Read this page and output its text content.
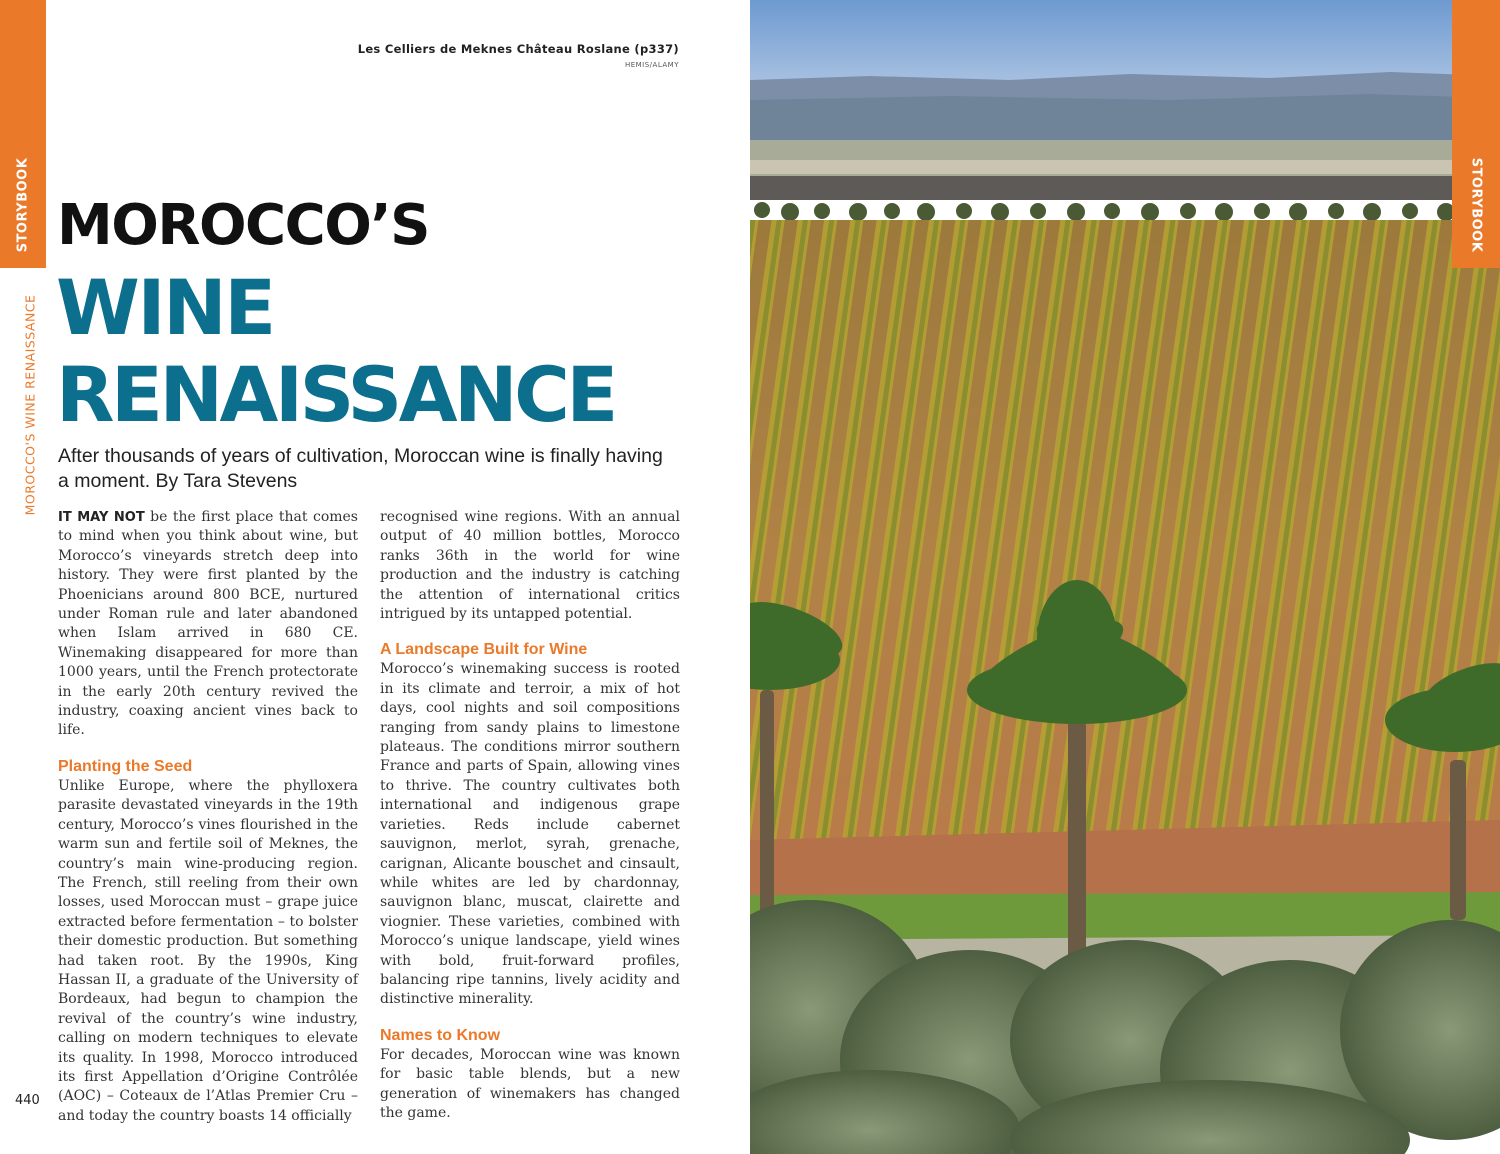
STORYBOOK
MOROCCO'S WINE RENAISSANCE
Les Celliers de Meknes Château Roslane (p337)
HEMIS/ALAMY
MOROCCO’S
WINE
RENAISSANCE
After thousands of years of cultivation, Moroccan wine is finally having a moment. By Tara Stevens

IT MAY NOT be the first place that comes to mind when you think about wine, but Morocco’s vineyards stretch deep into history. They were first planted by the Phoenicians around 800 BCE, nurtured under Roman rule and later abandoned when Islam arrived in 680 CE. Winemaking disappeared for more than 1000 years, until the French protectorate in the early 20th century revived the industry, coaxing ancient vines back to life.

Planting the Seed

Unlike Europe, where the phylloxera parasite devastated vineyards in the 19th century, Morocco’s vines flourished in the warm sun and fertile soil of Meknes, the country’s main wine-producing region. The French, still reeling from their own losses, used Moroccan must – grape juice extracted before fermentation – to bolster their domestic production. But something had taken root. By the 1990s, King Hassan II, a graduate of the University of Bordeaux, had begun to champion the revival of the country’s wine industry, calling on modern techniques to elevate its quality. In 1998, Morocco introduced its first Appellation d’Origine Contrôlée (AOC) – Coteaux de l’Atlas Premier Cru – and today the country boasts 14 officially

recognised wine regions. With an annual output of 40 million bottles, Morocco ranks 36th in the world for wine production and the industry is catching the attention of international critics intrigued by its untapped potential.

A Landscape Built for Wine

Morocco’s winemaking success is rooted in its climate and terroir, a mix of hot days, cool nights and soil compositions ranging from sandy plains to limestone plateaus. The conditions mirror southern France and parts of Spain, allowing vines to thrive. The country cultivates both international and indigenous grape varieties. Reds include cabernet sauvignon, merlot, syrah, grenache, carignan, Alicante bouschet and cinsault, while whites are led by chardonnay, sauvignon blanc, muscat, clairette and viognier. These varieties, combined with Morocco’s unique landscape, yield wines with bold, fruit-forward profiles, balancing ripe tannins, lively acidity and distinctive minerality.

Names to Know

For decades, Moroccan wine was known for basic table blends, but a new generation of winemakers has changed the game.

440
STORYBOOK
